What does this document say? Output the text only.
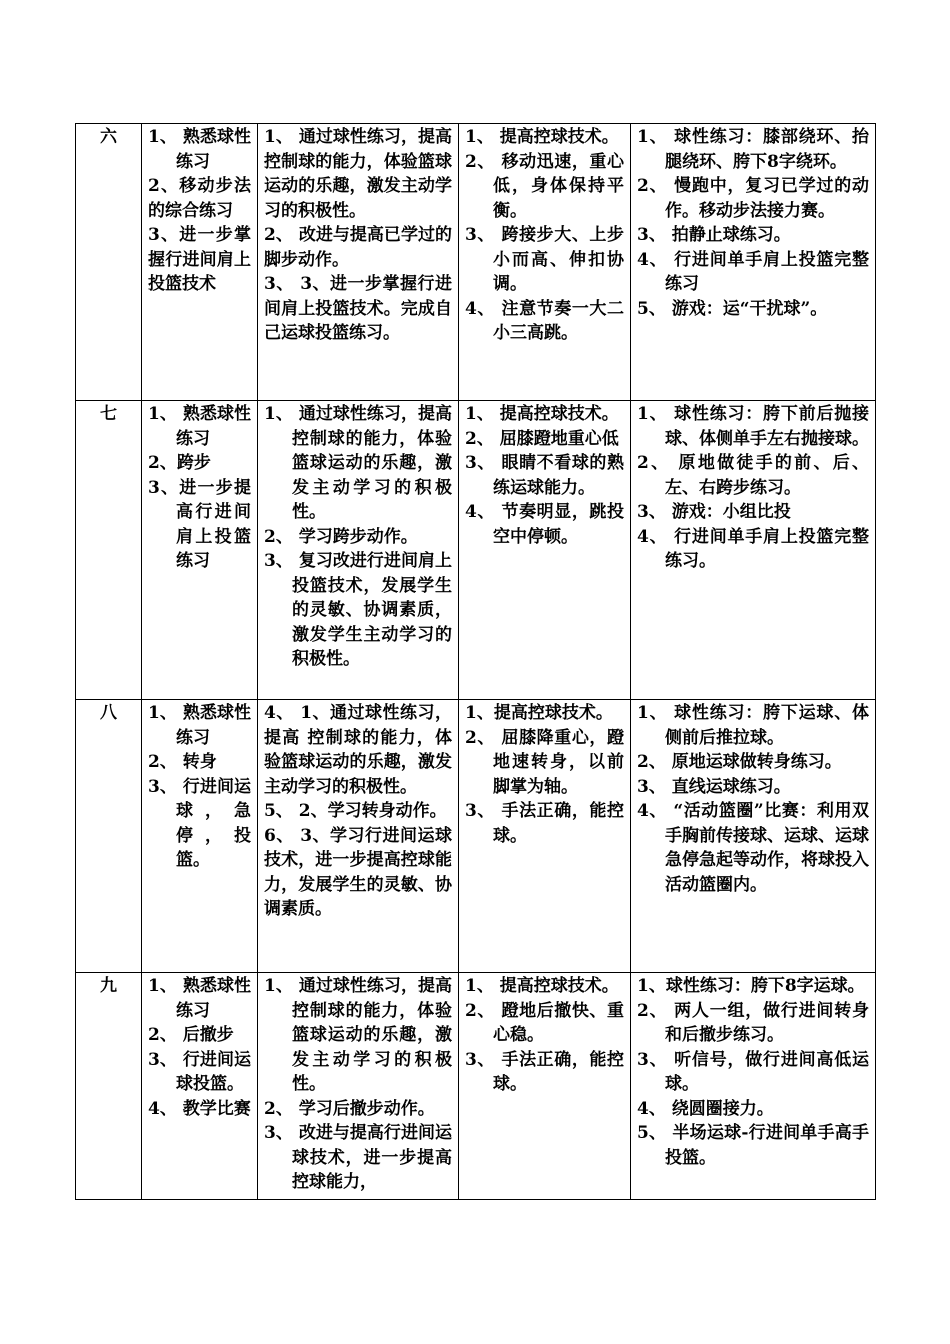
六	1、 熟悉球性练习
2、移动步法的综合练习
3、进一步掌握行进间肩上投篮技术	1、 通过球性练习，提高控制球的能力，体验篮球运动的乐趣，激发主动学习的积极性。
2、 改进与提高已学过的脚步动作。
3、 3、进一步掌握行进间肩上投篮技术。完成自己运球投篮练习。	1、 提高控球技术。
2、 移动迅速，重心低，身体保持平衡。
3、 跨接步大、上步小而高、伸扣协调。
4、 注意节奏一大二小三高跳。	1、 球性练习：膝部绕环、抬腿绕环、胯下8字绕环。
2、 慢跑中，复习已学过的动作。移动步法接力赛。
3、 拍静止球练习。
4、 行进间单手肩上投篮完整练习
5、 游戏：运“干扰球”。

七	1、 熟悉球性练习
2、跨步
3、进一步提高行进间肩上投篮练习	1、 通过球性练习，提高控制球的能力，体验篮球运动的乐趣，激发主动学习的积极性。
2、 学习跨步动作。
3、 复习改进行进间肩上投篮技术，发展学生的灵敏、协调素质，激发学生主动学习的积极性。	1、 提高控球技术。
2、 屈膝蹬地重心低
3、 眼睛不看球的熟练运球能力。
4、 节奏明显，跳投空中停顿。	1、 球性练习：胯下前后抛接球、体侧单手左右抛接球。
2、 原地做徒手的前、后、左、右跨步练习。
3、 游戏：小组比投
4、 行进间单手肩上投篮完整练习。

八	1、 熟悉球性练习
2、 转身
3、 行进间运球，急停，投篮。	4、 1、通过球性练习，提高 控制球的能力，体验篮球运动的乐趣，激发主动学习的积极性。
5、 2、学习转身动作。
6、 3、学习行进间运球技术，进一步提高控球能力，发展学生的灵敏、协调素质。	1、提高控球技术。
2、 屈膝降重心，蹬地速转身，以前脚掌为轴。
3、 手法正确，能控球。	1、 球性练习：胯下运球、体侧前后推拉球。
2、 原地运球做转身练习。
3、 直线运球练习。
4、 “活动篮圈”比赛：利用双手胸前传接球、运球、运球急停急起等动作，将球投入活动篮圈内。

九	1、 熟悉球性练习
2、 后撤步
3、 行进间运球投篮。
4、 教学比赛	1、 通过球性练习，提高控制球的能力，体验篮球运动的乐趣，激发主动学习的积极性。
2、 学习后撤步动作。
3、 改进与提高行进间运球技术，进一步提高控球能力，	1、 提高控球技术。
2、 蹬地后撤快、重心稳。
3、 手法正确，能控球。	1、球性练习：胯下8字运球。
2、 两人一组，做行进间转身和后撤步练习。
3、 听信号，做行进间高低运球。
4、 绕圆圈接力。
5、 半场运球-行进间单手高手投篮。
